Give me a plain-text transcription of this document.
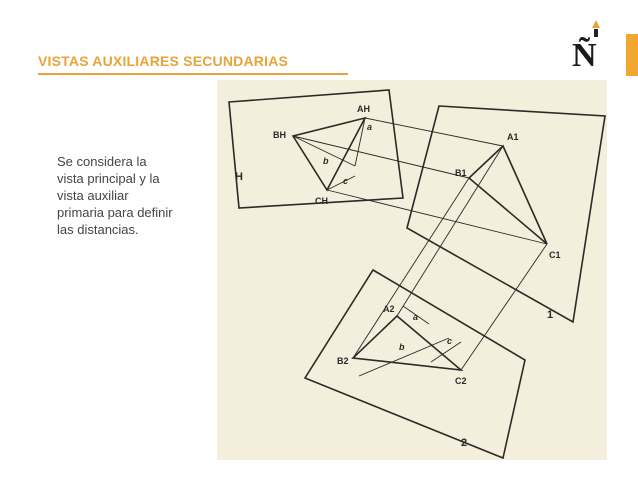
VISTAS AUXILIARES SECUNDARIAS	Ñ
Se considera la
vista principal y la
vista auxiliar
primaria para definir
las distancias.
AH
BH
CH
A1
B1
C1
A2
B2
C2
H
1
2
a
b
c
a
b
c
